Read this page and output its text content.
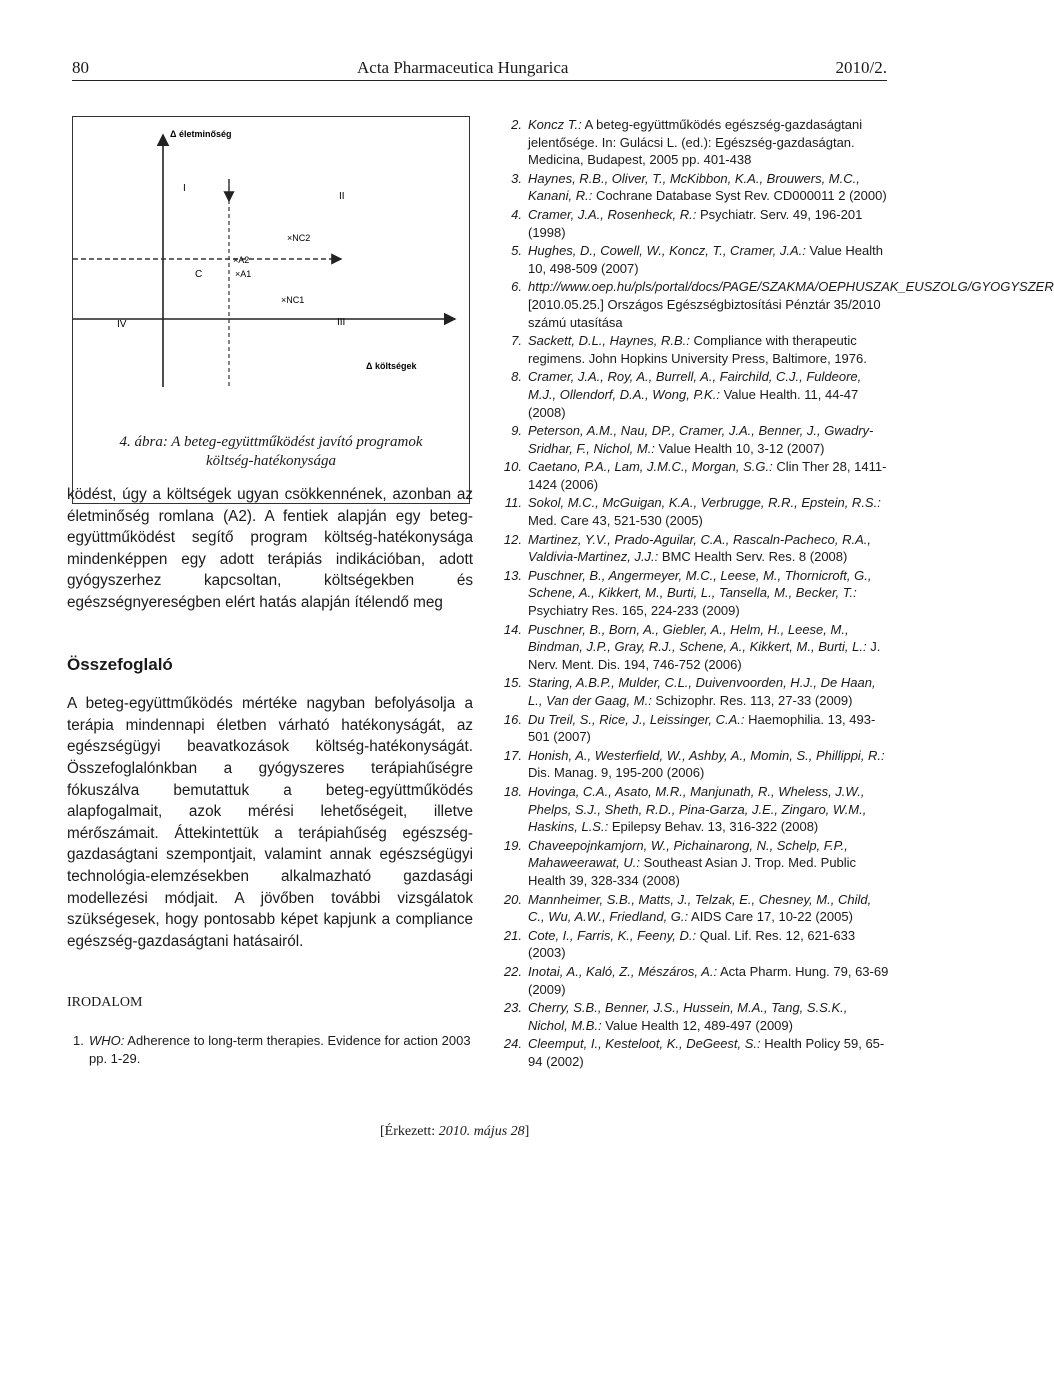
80	Acta Pharmaceutica Hungarica	2010/2.
Δ életminőség
Δ költségek
I
II
III
IV
×NC2
×A2
C	×A1
×NC1
4. ábra: A beteg-együttműködést javító programok
költség-hatékonysága

ködést, úgy a költségek ugyan csökkennének, azonban az életminőség romlana (A2). A fentiek alapján egy beteg-együttműködést segítő program költség-hatékonysága mindenképpen egy adott terápiás indikációban, adott gyógyszerhez kapcsoltan, költségekben és egészségnyereségben elért hatás alapján ítélendő meg

Összefoglaló

A beteg-együttműködés mértéke nagyban befolyásolja a terápia mindennapi életben várható hatékonyságát, az egészségügyi beavatkozások költség-hatékonyságát. Összefoglalónkban a gyógyszeres terápiahűségre fókuszálva bemutattuk a beteg-együttműködés alapfogalmait, azok mérési lehetőségeit, illetve mérőszámait. Áttekintettük a terápiahűség egészség-gazdaságtani szempontjait, valamint annak egészségügyi technológia-elemzésekben alkalmazható gazdasági modellezési módjait. A jövőben további vizsgálatok szükségesek, hogy pontosabb képet kapjunk a compliance egészség-gazdaságtani hatásairól.

IRODALOM

1. WHO: Adherence to long-term therapies. Evidence for action 2003 pp. 1-29.
2. Koncz T.: A beteg-együttműködés egészség-gazdaságtani jelentősége. In: Gulácsi L. (ed.): Egészség-gazdaságtan. Medicina, Budapest, 2005 pp. 401-438
3. Haynes, R.B., Oliver, T., McKibbon, K.A., Brouwers, M.C., Kanani, R.: Cochrane Database Syst Rev. CD000011 2 (2000)
4. Cramer, J.A., Rosenheck, R.: Psychiatr. Serv. 49, 196-201 (1998)
5. Hughes, D., Cowell, W., Koncz, T., Cramer, J.A.: Value Health 10, 498-509 (2007)
6. http://www.oep.hu/pls/portal/docs/PAGE/SZAKMA/OEPHUSZAK_EUSZOLG/GYOGYSZER [2010.05.25.] Országos Egészségbiztosítási Pénztár 35/2010 számú utasítása
7. Sackett, D.L., Haynes, R.B.: Compliance with therapeutic regimens. John Hopkins University Press, Baltimore, 1976.
8. Cramer, J.A., Roy, A., Burrell, A., Fairchild, C.J., Fuldeore, M.J., Ollendorf, D.A., Wong, P.K.: Value Health. 11, 44-47 (2008)
9. Peterson, A.M., Nau, DP., Cramer, J.A., Benner, J., Gwadry-Sridhar, F., Nichol, M.: Value Health 10, 3-12 (2007)
10. Caetano, P.A., Lam, J.M.C., Morgan, S.G.: Clin Ther 28, 1411-1424 (2006)
11. Sokol, M.C., McGuigan, K.A., Verbrugge, R.R., Epstein, R.S.: Med. Care 43, 521-530 (2005)
12. Martinez, Y.V., Prado-Aguilar, C.A., Rascaln-Pacheco, R.A., Valdivia-Martinez, J.J.: BMC Health Serv. Res. 8 (2008)
13. Puschner, B., Angermeyer, M.C., Leese, M., Thornicroft, G., Schene, A., Kikkert, M., Burti, L., Tansella, M., Becker, T.: Psychiatry Res. 165, 224-233 (2009)
14. Puschner, B., Born, A., Giebler, A., Helm, H., Leese, M., Bindman, J.P., Gray, R.J., Schene, A., Kikkert, M., Burti, L.: J. Nerv. Ment. Dis. 194, 746-752 (2006)
15. Staring, A.B.P., Mulder, C.L., Duivenvoorden, H.J., De Haan, L., Van der Gaag, M.: Schizophr. Res. 113, 27-33 (2009)
16. Du Treil, S., Rice, J., Leissinger, C.A.: Haemophilia. 13, 493-501 (2007)
17. Honish, A., Westerfield, W., Ashby, A., Momin, S., Phillippi, R.: Dis. Manag. 9, 195-200 (2006)
18. Hovinga, C.A., Asato, M.R., Manjunath, R., Wheless, J.W., Phelps, S.J., Sheth, R.D., Pina-Garza, J.E., Zingaro, W.M., Haskins, L.S.: Epilepsy Behav. 13, 316-322 (2008)
19. Chaveepojnkamjorn, W., Pichainarong, N., Schelp, F.P., Mahaweerawat, U.: Southeast Asian J. Trop. Med. Public Health 39, 328-334 (2008)
20. Mannheimer, S.B., Matts, J., Telzak, E., Chesney, M., Child, C., Wu, A.W., Friedland, G.: AIDS Care 17, 10-22 (2005)
21. Cote, I., Farris, K., Feeny, D.: Qual. Lif. Res. 12, 621-633 (2003)
22. Inotai, A., Kaló, Z., Mészáros, A.: Acta Pharm. Hung. 79, 63-69 (2009)
23. Cherry, S.B., Benner, J.S., Hussein, M.A., Tang, S.S.K., Nichol, M.B.: Value Health 12, 489-497 (2009)
24. Cleemput, I., Kesteloot, K., DeGeest, S.: Health Policy 59, 65-94 (2002)
[Érkezett: 2010. május 28]
